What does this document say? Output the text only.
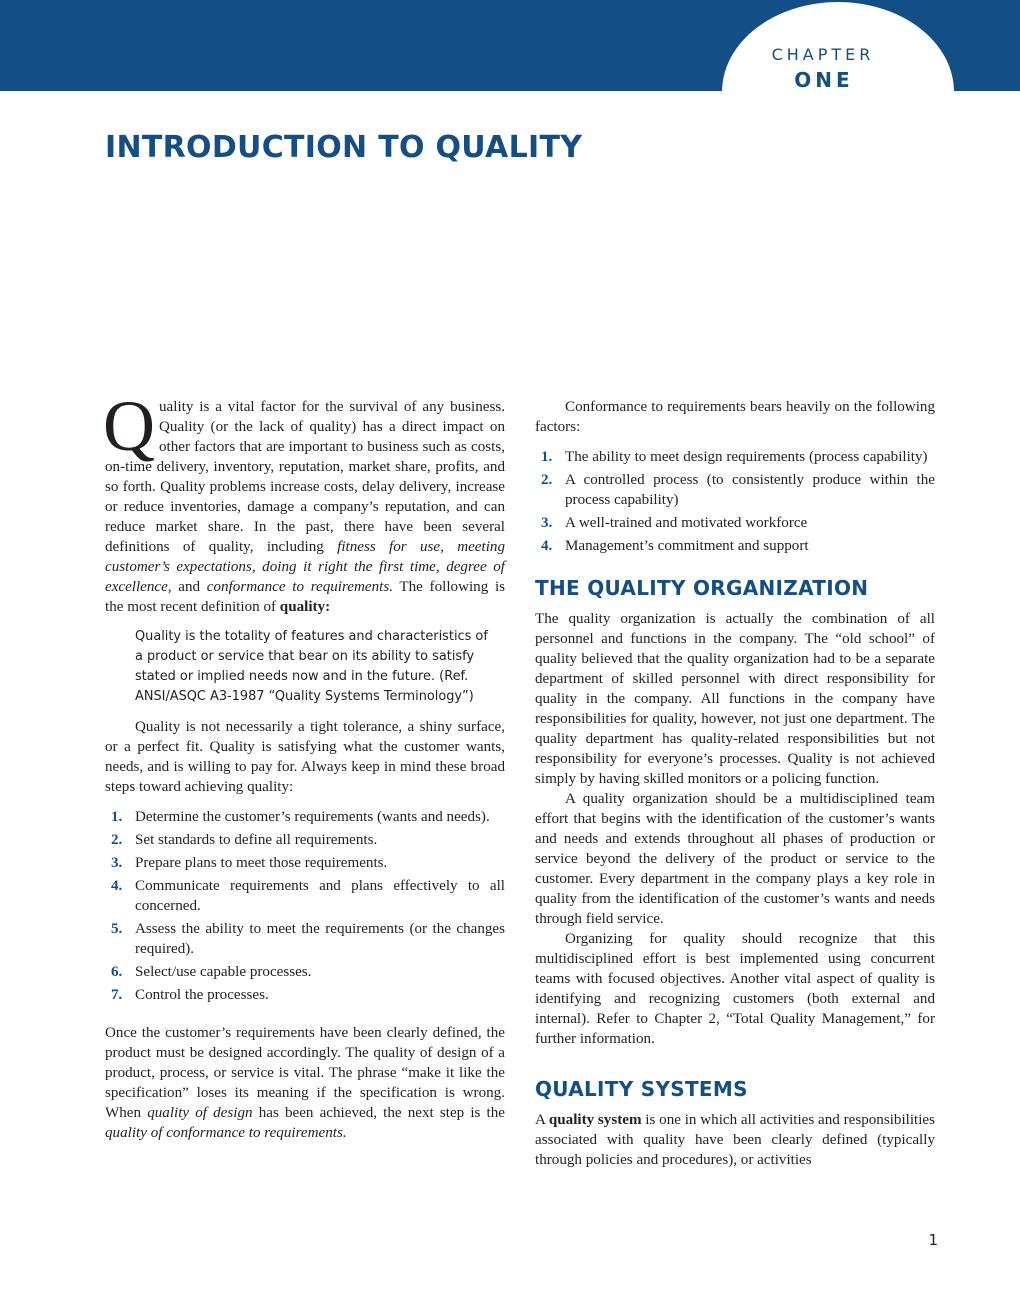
CHAPTER
ONE
INTRODUCTION TO QUALITY

Quality is a vital factor for the survival of any business. Quality (or the lack of quality) has a direct impact on other factors that are important to business such as costs, on-time delivery, inventory, reputation, market share, profits, and so forth. Quality problems increase costs, delay delivery, increase or reduce inventories, damage a company’s reputation, and can reduce market share. In the past, there have been several definitions of quality, including fitness for use, meeting customer’s expectations, doing it right the first time, degree of excellence, and conformance to requirements. The following is the most recent definition of quality:

Quality is the totality of features and characteristics of a product or service that bear on its ability to satisfy stated or implied needs now and in the future. (Ref. ANSI/ASQC A3-1987 “Quality Systems Terminology”)

Quality is not necessarily a tight tolerance, a shiny surface, or a perfect fit. Quality is satisfying what the customer wants, needs, and is willing to pay for. Always keep in mind these broad steps toward achieving quality:

1. Determine the customer’s requirements (wants and needs).
2. Set standards to define all requirements.
3. Prepare plans to meet those requirements.
4. Communicate requirements and plans effectively to all concerned.
5. Assess the ability to meet the requirements (or the changes required).
6. Select/use capable processes.
7. Control the processes.

Once the customer’s requirements have been clearly defined, the product must be designed accordingly. The quality of design of a product, process, or service is vital. The phrase “make it like the specification” loses its meaning if the specification is wrong. When quality of design has been achieved, the next step is the quality of conformance to requirements.

Conformance to requirements bears heavily on the following factors:

1. The ability to meet design requirements (process capability)
2. A controlled process (to consistently produce within the process capability)
3. A well-trained and motivated workforce
4. Management’s commitment and support
THE QUALITY ORGANIZATION

The quality organization is actually the combination of all personnel and functions in the company. The “old school” of quality believed that the quality organization had to be a separate department of skilled personnel with direct responsibility for quality in the company. All functions in the company have responsibilities for quality, however, not just one department. The quality department has quality-related responsibilities but not responsibility for everyone’s processes. Quality is not achieved simply by having skilled monitors or a policing function.

A quality organization should be a multidisciplined team effort that begins with the identification of the customer’s wants and needs and extends throughout all phases of production or service beyond the delivery of the product or service to the customer. Every department in the company plays a key role in quality from the identification of the customer’s wants and needs through field service.

Organizing for quality should recognize that this multidisciplined effort is best implemented using concurrent teams with focused objectives. Another vital aspect of quality is identifying and recognizing customers (both external and internal). Refer to Chapter 2, “Total Quality Management,” for further information.

QUALITY SYSTEMS

A quality system is one in which all activities and responsibilities associated with quality have been clearly defined (typically through policies and procedures), or activities

1
